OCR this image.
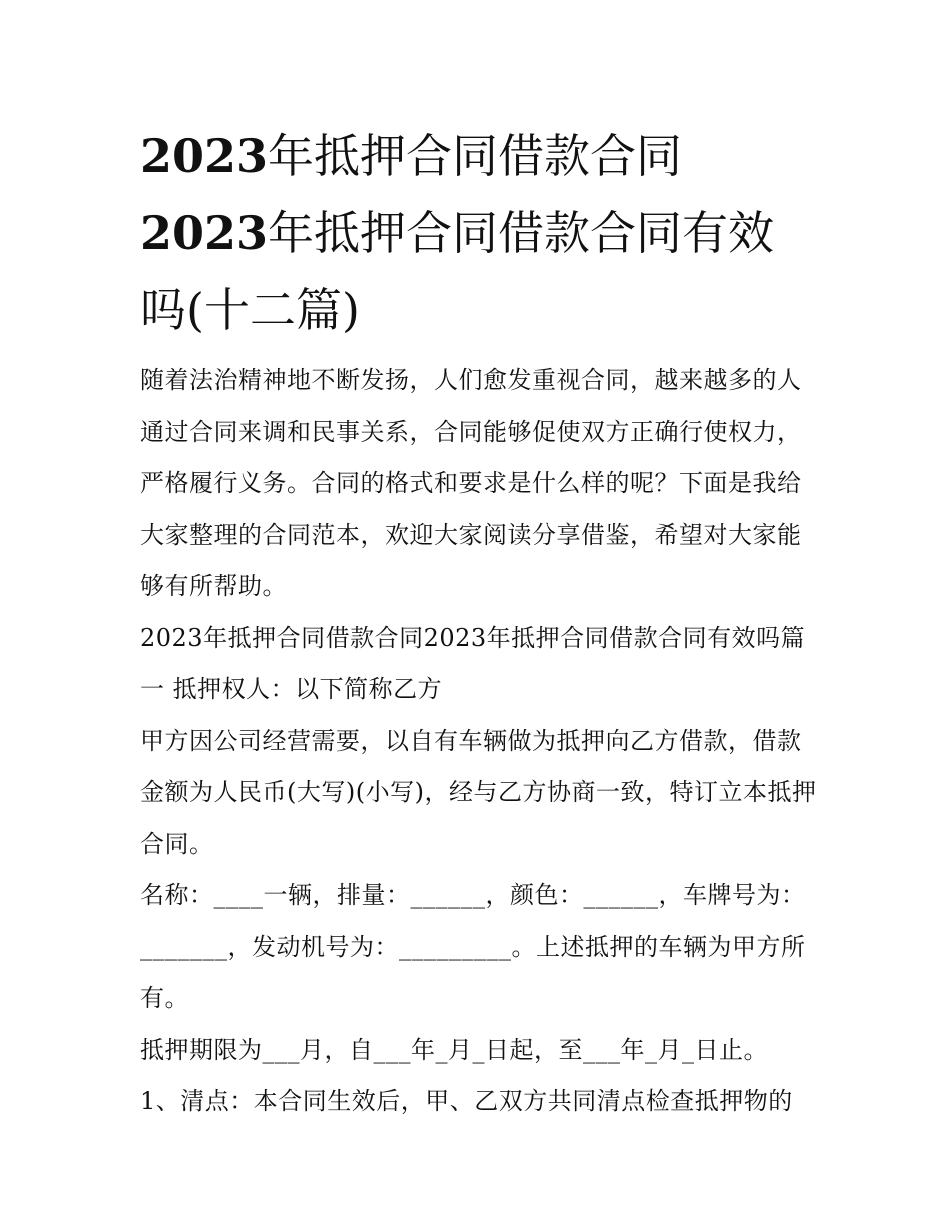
2023年抵押合同借款合同
2023年抵押合同借款合同有效
吗(十二篇)

随着法治精神地不断发扬，人们愈发重视合同，越来越多的人通过合同来调和民事关系，合同能够促使双方正确行使权力，严格履行义务。合同的格式和要求是什么样的呢？下面是我给大家整理的合同范本，欢迎大家阅读分享借鉴，希望对大家能够有所帮助。

2023年抵押合同借款合同2023年抵押合同借款合同有效吗篇一 抵押权人：以下简称乙方

甲方因公司经营需要，以自有车辆做为抵押向乙方借款，借款金额为人民币(大写)(小写)，经与乙方协商一致，特订立本抵押合同。

名称：____一辆，排量：______，颜色：______，车牌号为：_______，发动机号为：_________。上述抵押的车辆为甲方所有。

抵押期限为___月，自___年_月_日起，至___年_月_日止。

1、清点：本合同生效后，甲、乙双方共同清点检查抵押物的
